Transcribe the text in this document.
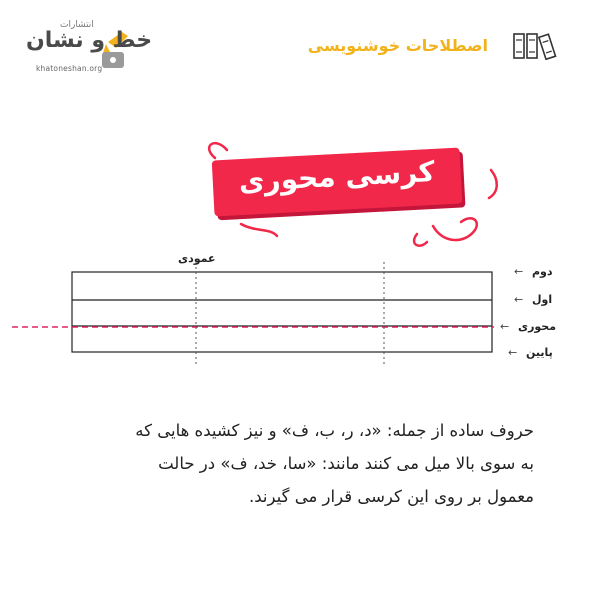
انتشارات
خط و نشان
khatoneshan.org
اصطلاحات خوشنویسی
کرسی محوری
عمودی
← دوم
← اول
← محوری
← پایین

حروف ساده از جمله: «د، ر، ب، ف» و نیز کشیده هایی که

به سوی بالا میل می کنند مانند: «سا، خد، ف» در حالت

معمول بر روی این کرسی قرار می گیرند.
